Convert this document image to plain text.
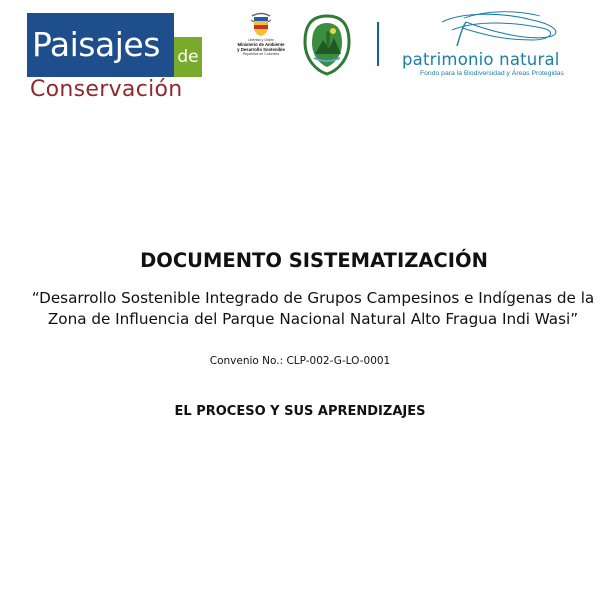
Paisajes	de
Conservación
Libertad y Orden
Ministerio de Ambiente
y Desarrollo Sostenible
República de Colombia	patrimonio natural
Fondo para la Biodiversidad y Áreas Protegidas
DOCUMENTO SISTEMATIZACIÓN
“Desarrollo Sostenible Integrado de Grupos Campesinos e Indígenas de la Zona de Influencia del Parque Nacional Natural Alto Fragua Indi Wasi”
Convenio No.: CLP-002-G-LO-0001
EL PROCESO Y SUS APRENDIZAJES
